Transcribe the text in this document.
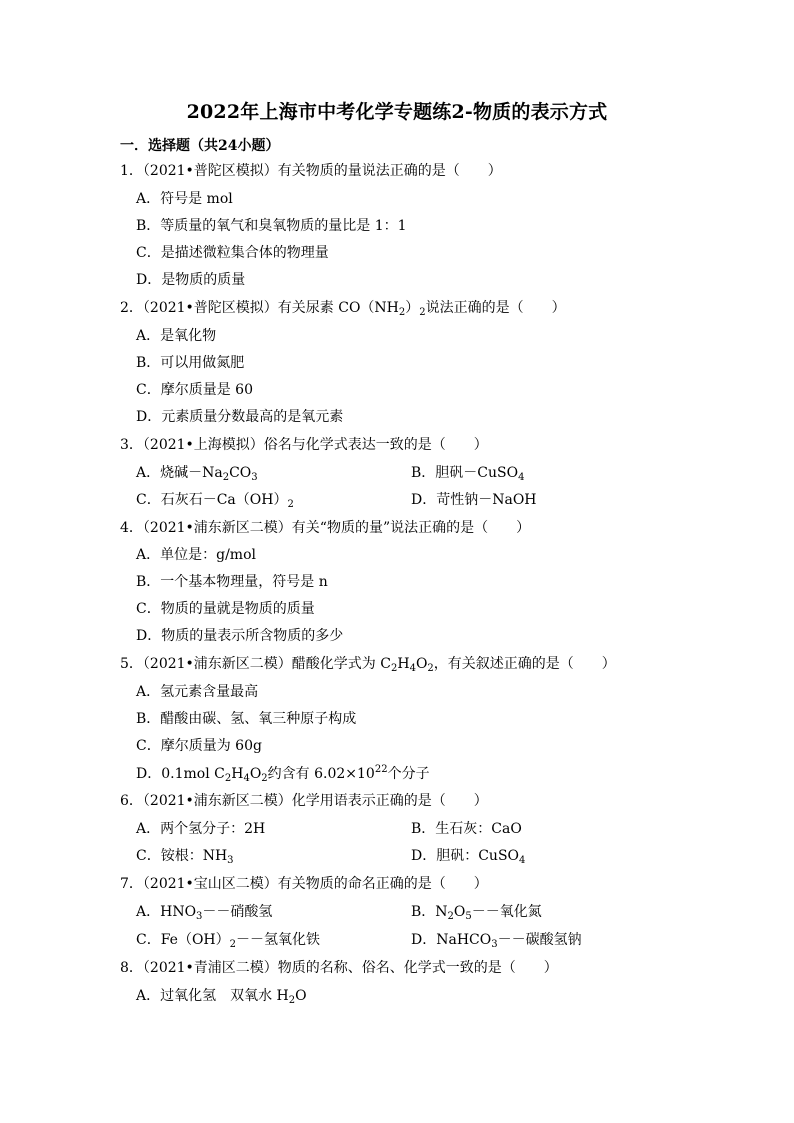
2022年上海市中考化学专题练2-物质的表示方式
一．选择题（共24小题）
1．（2021•普陀区模拟）有关物质的量说法正确的是（　　）
A．符号是 mol
B．等质量的氧气和臭氧物质的量比是 1：1
C．是描述微粒集合体的物理量
D．是物质的质量
2．（2021•普陀区模拟）有关尿素 $CO(NH_2)_2$说法正确的是（　　）
A．是氧化物
B．可以用做氮肥
C．摩尔质量是 60
D．元素质量分数最高的是氧元素
3．（2021•上海模拟）俗名与化学式表达一致的是（　　）
A．烧碱$-Na_2CO_3$	B．胆矾－CuSO$_4$
C．石灰石$-Ca(OH)_2$	D．苛性钠－NaOH
4．（2021•浦东新区二模）有关“物质的量”说法正确的是（　　）
A．单位是：g/mol
B．一个基本物理量，符号是 n
C．物质的量就是物质的质量
D．物质的量表示所含物质的多少
5．（2021•浦东新区二模）醋酸化学式为 $C_2H_4O_2$，有关叙述正确的是（　　）
A．氢元素含量最高
B．醋酸由碳、氢、氧三种原子构成
C．摩尔质量为 60g
D．0.1mol $C_2H_4O_2$约含有 $6.02\times 10^{22}$个分子
6．（2021•浦东新区二模）化学用语表示正确的是（　　）
A．两个氢分子：2H	B．生石灰：CaO
C．铵根：$NH_3$	D．胆矾：CuSO$_4$
7．（2021•宝山区二模）有关物质的命名正确的是（　　）
A．$HNO_3--$硝酸氢	B．$N_2O_5--$氧化氮
C．$Fe(OH)_2--$氢氧化铁	D．NaHCO$_3$－－碳酸氢钠
8．（2021•青浦区二模）物质的名称、俗名、化学式一致的是（　　）
A．过氧化氢　双氧水 $H_2O$
